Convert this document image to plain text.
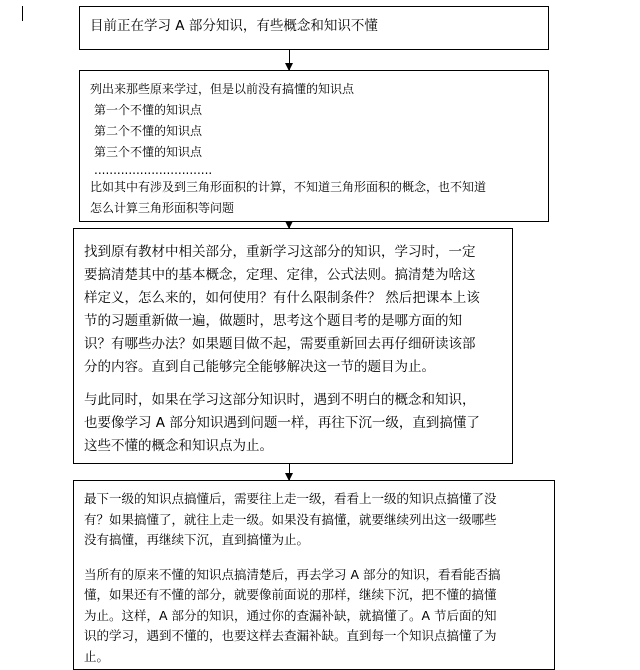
目前正在学习 A 部分知识，有些概念和知识不懂

列出来那些原来学过，但是以前没有搞懂的知识点

第一个不懂的知识点

第二个不懂的知识点

第三个不懂的知识点

...............................

比如其中有涉及到三角形面积的计算，不知道三角形面积的概念，也不知道

怎么计算三角形面积等问题

找到原有教材中相关部分，重新学习这部分的知识，学习时，一定

要搞清楚其中的基本概念，定理、定律，公式法则。搞清楚为啥这

样定义，怎么来的，如何使用？有什么限制条件？ 然后把课本上该

节的习题重新做一遍，做题时，思考这个题目考的是哪方面的知

识？有哪些办法？如果题目做不起，需要重新回去再仔细研读该部

分的内容。直到自己能够完全能够解决这一节的题目为止。

与此同时，如果在学习这部分知识时，遇到不明白的概念和知识，

也要像学习 A 部分知识遇到问题一样，再往下沉一级，直到搞懂了

这些不懂的概念和知识点为止。

最下一级的知识点搞懂后，需要往上走一级，看看上一级的知识点搞懂了没

有？如果搞懂了，就往上走一级。如果没有搞懂，就要继续列出这一级哪些

没有搞懂，再继续下沉，直到搞懂为止。

当所有的原来不懂的知识点搞清楚后，再去学习 A 部分的知识，看看能否搞

懂，如果还有不懂的部分，就要像前面说的那样，继续下沉，把不懂的搞懂

为止。这样，A 部分的知识，通过你的查漏补缺，就搞懂了。A 节后面的知

识的学习，遇到不懂的，也要这样去查漏补缺。直到每一个知识点搞懂了为

止。
